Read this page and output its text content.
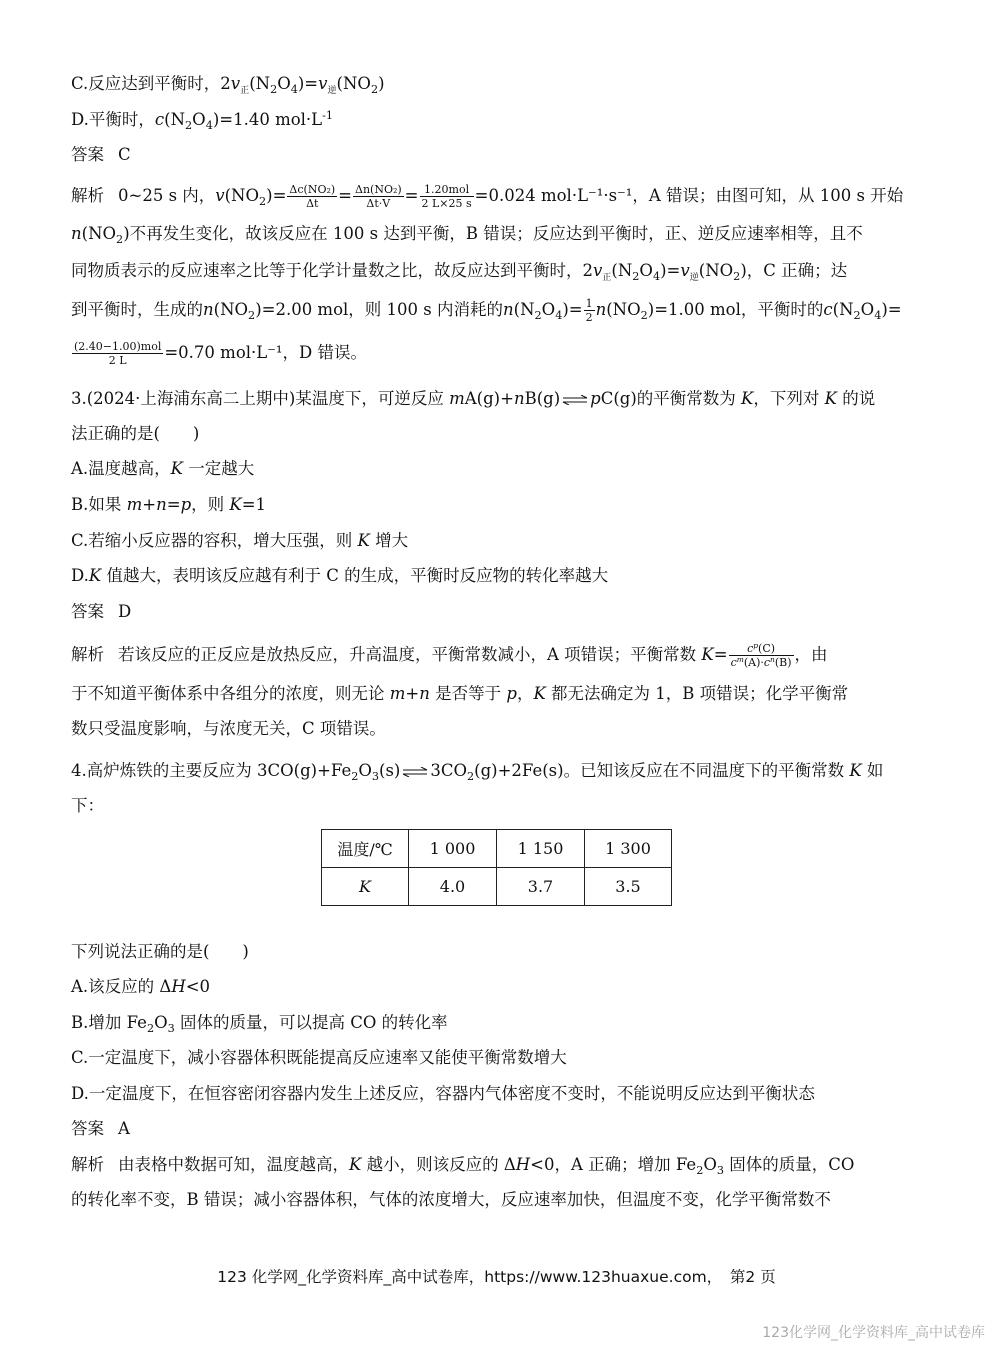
C.反应达到平衡时，$2v_正(N_2O_4)=v_逆(NO_2)$
D.平衡时，$c(N_2O_4)=1.40$ $mol\cdot L^{-1}$
答案 C
解析 0~25 s 内，$v(NO_2)= \frac{\text{Δc(NO₂)}}{\Delta t} = \frac{\text{Δn(NO₂)}}{\Delta t\cdot V} = \frac{\text{1.20mol}}{2 L\times 25 s} =0.024$ mol·L⁻¹·s⁻¹，A 错误；由图可知，从 100 s 开始
$n(NO_2)$不再发生变化，故该反应在 100 s 达到平衡，B 错误；反应达到平衡时，正、逆反应速率相等，且不
同物质表示的反应速率之比等于化学计量数之比，故反应达到平衡时，$2v_正(N_2O_4)=v_逆(NO_2)$，C 正确；达
到平衡时，生成的$n(NO_2)=2.00$ mol，则 100 s 内消耗的$n(N_2O_4)= \frac{1}{2} n(NO_2)=1.00$ mol，平衡时的$c(N_2O_4)=$
$\frac{\text{(2.40−1.00)mol}}{2 L} =0.70$ mol·L⁻¹，D 错误。
3.(2024·上海浦东高二上期中)某温度下，可逆反应 mA(g)+nB(g) ⇌ pC(g)的平衡常数为 K，下列对 K 的说
法正确的是(　　)
A.温度越高，K 一定越大
B.如果 m+n=p，则 K=1
C.若缩小反应器的容积，增大压强，则 K 增大
D.K 值越大，表明该反应越有利于 C 的生成，平衡时反应物的转化率越大
答案 D
解析 若该反应的正反应是放热反应，升高温度，平衡常数减小，A 项错误；平衡常数 $K= \frac{c^p(C)}{c^m(A)\cdot c^n(B)}$ ，由
于不知道平衡体系中各组分的浓度，则无论 m+n 是否等于 p，K 都无法确定为 1，B 项错误；化学平衡常
数只受温度影响，与浓度无关，C 项错误。
4.高炉炼铁的主要反应为 $3CO(g)+Fe_2O_3(s)$ ⇌ $3CO_2(g)+2Fe(s)$。已知该反应在不同温度下的平衡常数 K 如
下：
温度/℃	1 000	1 150	1 300
K	4.0	3.7	3.5
下列说法正确的是(　　)
A.该反应的 ΔH<0
B.增加 $Fe_2O_3$ 固体的质量，可以提高 CO 的转化率
C.一定温度下，减小容器体积既能提高反应速率又能使平衡常数增大
D.一定温度下，在恒容密闭容器内发生上述反应，容器内气体密度不变时，不能说明反应达到平衡状态
答案 A
解析 由表格中数据可知，温度越高，K 越小，则该反应的 ΔH<0，A 正确；增加 $Fe_2O_3$ 固体的质量，CO
的转化率不变，B 错误；减小容器体积，气体的浓度增大，反应速率加快，但温度不变，化学平衡常数不
123 化学网_化学资料库_高中试卷库，https://www.123huaxue.com，　第2 页
123化学网_化学资料库_高中试卷库
